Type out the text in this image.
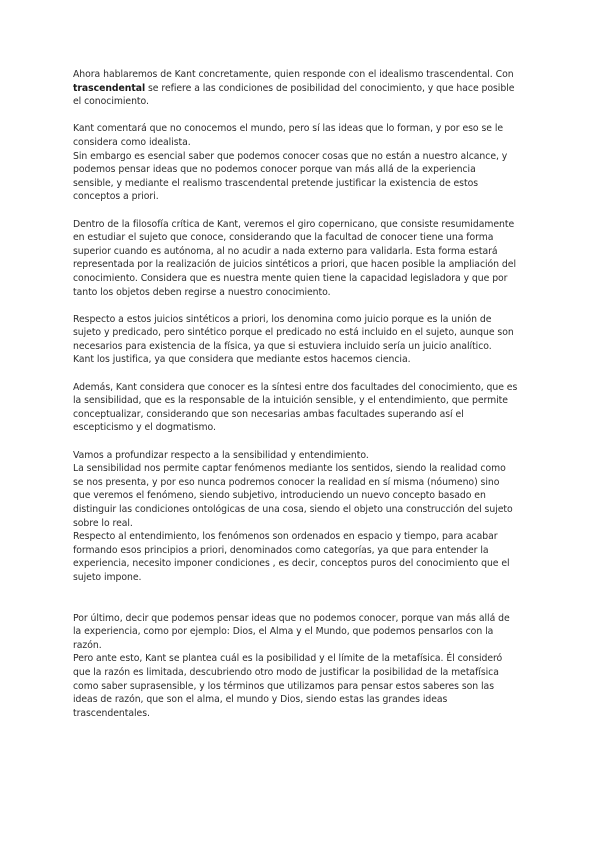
Ahora hablaremos de Kant concretamente, quien responde con el idealismo trascendental. Con
trascendental se refiere a las condiciones de posibilidad del conocimiento, y que hace posible
el conocimiento.

Kant comentará que no conocemos el mundo, pero sí las ideas que lo forman, y por eso se le
considera como idealista.
Sin embargo es esencial saber que podemos conocer cosas que no están a nuestro alcance, y
podemos pensar ideas que no podemos conocer porque van más allá de la experiencia
sensible, y mediante el realismo trascendental pretende justificar la existencia de estos
conceptos a priori.

Dentro de la filosofía crítica de Kant, veremos el giro copernicano, que consiste resumidamente
en estudiar el sujeto que conoce, considerando que la facultad de conocer tiene una forma
superior cuando es autónoma, al no acudir a nada externo para validarla. Esta forma estará
representada por la realización de juicios sintéticos a priori, que hacen posible la ampliación del
conocimiento. Considera que es nuestra mente quien tiene la capacidad legisladora y que por
tanto los objetos deben regirse a nuestro conocimiento.

Respecto a estos juicios sintéticos a priori, los denomina como juicio porque es la unión de
sujeto y predicado, pero sintético porque el predicado no está incluido en el sujeto, aunque son
necesarios para existencia de la física, ya que si estuviera incluido sería un juicio analítico.
Kant los justifica, ya que considera que mediante estos hacemos ciencia.

Además, Kant considera que conocer es la síntesi entre dos facultades del conocimiento, que es
la sensibilidad, que es la responsable de la intuición sensible, y el entendimiento, que permite
conceptualizar, considerando que son necesarias ambas facultades superando así el
escepticismo y el dogmatismo.

Vamos a profundizar respecto a la sensibilidad y entendimiento.
La sensibilidad nos permite captar fenómenos mediante los sentidos, siendo la realidad como
se nos presenta, y por eso nunca podremos conocer la realidad en sí misma (nóumeno) sino
que veremos el fenómeno, siendo subjetivo, introduciendo un nuevo concepto basado en
distinguir las condiciones ontológicas de una cosa, siendo el objeto una construcción del sujeto
sobre lo real.
Respecto al entendimiento, los fenómenos son ordenados en espacio y tiempo, para acabar
formando esos principios a priori, denominados como categorías, ya que para entender la
experiencia, necesito imponer condiciones , es decir, conceptos puros del conocimiento que el
sujeto impone.

Por último, decir que podemos pensar ideas que no podemos conocer, porque van más allá de
la experiencia, como por ejemplo: Dios, el Alma y el Mundo, que podemos pensarlos con la
razón.
Pero ante esto, Kant se plantea cuál es la posibilidad y el límite de la metafísica. Él consideró
que la razón es limitada, descubriendo otro modo de justificar la posibilidad de la metafísica
como saber suprasensible, y los términos que utilizamos para pensar estos saberes son las
ideas de razón, que son el alma, el mundo y Dios, siendo estas las grandes ideas
trascendentales.
